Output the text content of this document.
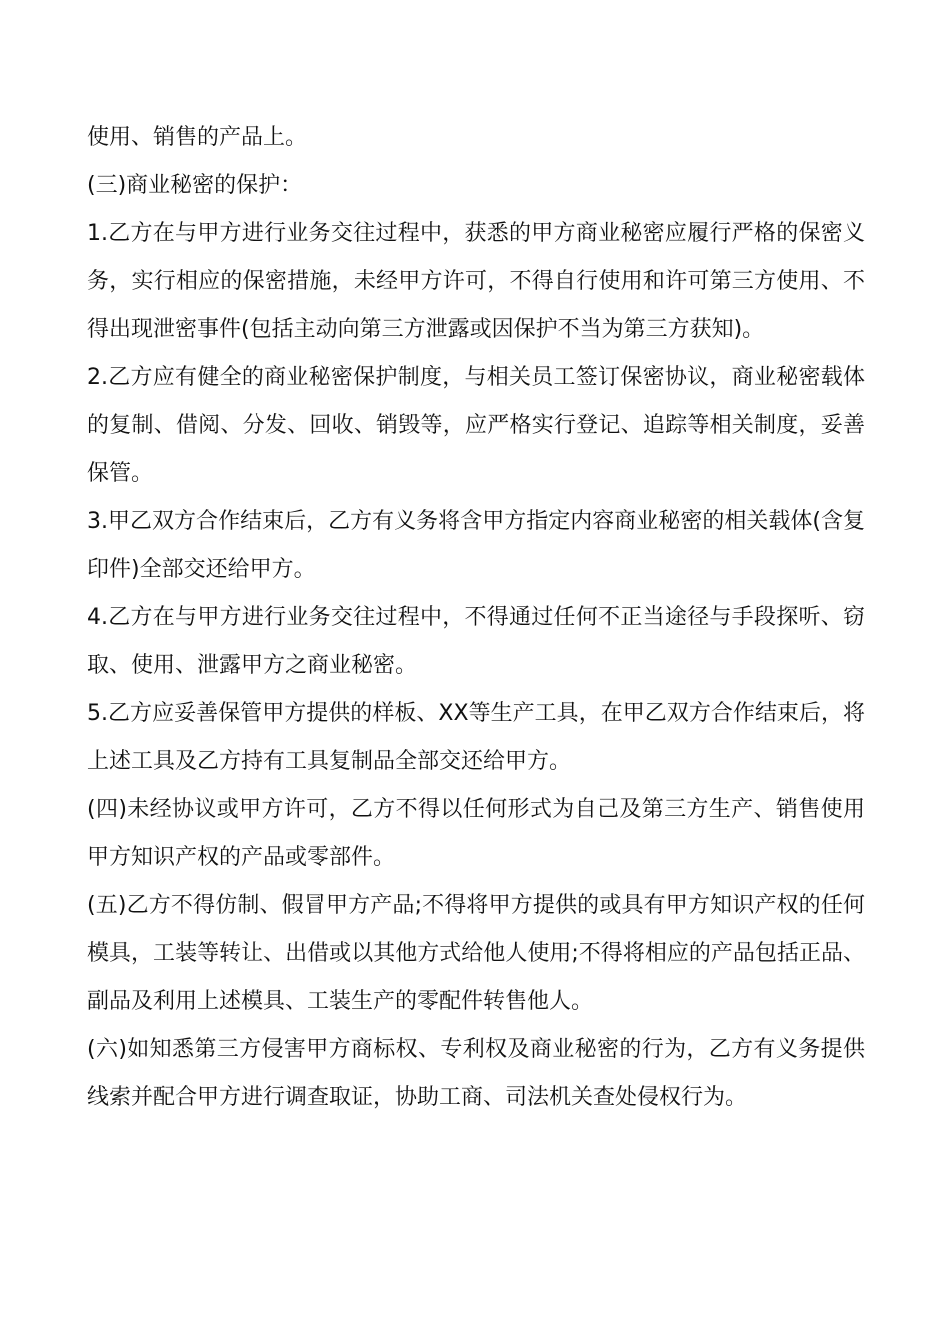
使用、销售的产品上。

(三)商业秘密的保护：

1.乙方在与甲方进行业务交往过程中，获悉的甲方商业秘密应履行严格的保密义务，实行相应的保密措施，未经甲方许可，不得自行使用和许可第三方使用、不得出现泄密事件(包括主动向第三方泄露或因保护不当为第三方获知)。

2.乙方应有健全的商业秘密保护制度，与相关员工签订保密协议，商业秘密载体的复制、借阅、分发、回收、销毁等，应严格实行登记、追踪等相关制度，妥善保管。

3.甲乙双方合作结束后，乙方有义务将含甲方指定内容商业秘密的相关载体(含复印件)全部交还给甲方。

4.乙方在与甲方进行业务交往过程中，不得通过任何不正当途径与手段探听、窃取、使用、泄露甲方之商业秘密。

5.乙方应妥善保管甲方提供的样板、XX等生产工具，在甲乙双方合作结束后，将上述工具及乙方持有工具复制品全部交还给甲方。

(四)未经协议或甲方许可，乙方不得以任何形式为自己及第三方生产、销售使用甲方知识产权的产品或零部件。

(五)乙方不得仿制、假冒甲方产品;不得将甲方提供的或具有甲方知识产权的任何模具，工装等转让、出借或以其他方式给他人使用;不得将相应的产品包括正品、副品及利用上述模具、工装生产的零配件转售他人。

(六)如知悉第三方侵害甲方商标权、专利权及商业秘密的行为，乙方有义务提供线索并配合甲方进行调查取证，协助工商、司法机关查处侵权行为。
